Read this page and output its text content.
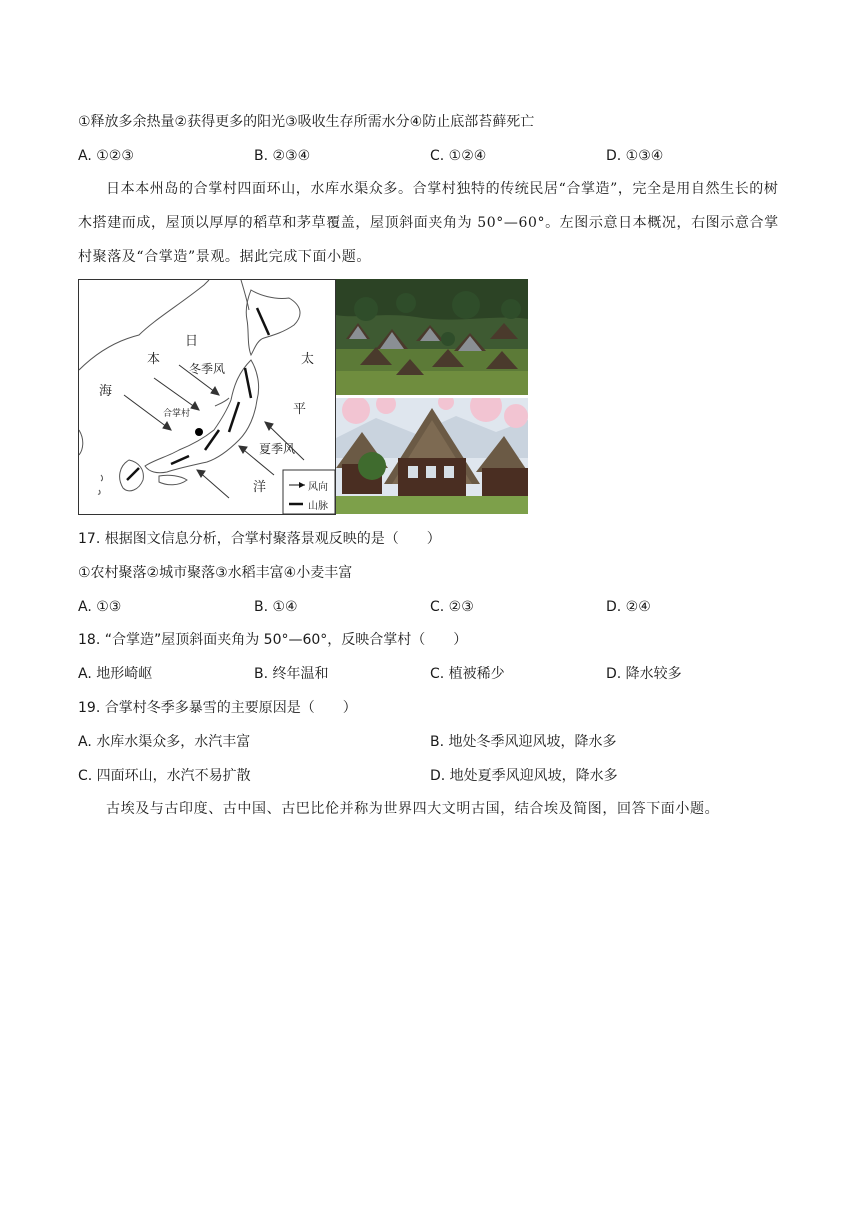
①释放多余热量②获得更多的阳光③吸收生存所需水分④防止底部苔藓死亡
A. ①②③	B. ②③④	C. ①②④	D. ①③④
日本本州岛的合掌村四面环山，水库水渠众多。合掌村独特的传统民居“合掌造”，完全是用自然生长的树木搭建而成，屋顶以厚厚的稻草和茅草覆盖，屋顶斜面夹角为 50°—60°。左图示意日本概况，右图示意合掌村聚落及“合掌造”景观。据此完成下面小题。
日
本
海
冬季风
合掌村
太
平
夏季风
洋	风向
山脉
17. 根据图文信息分析，合掌村聚落景观反映的是（　　）
①农村聚落②城市聚落③水稻丰富④小麦丰富
A. ①③	B. ①④	C. ②③	D. ②④
18. “合掌造”屋顶斜面夹角为 50°—60°，反映合掌村（　　）
A. 地形崎岖	B. 终年温和	C. 植被稀少	D. 降水较多
19. 合掌村冬季多暴雪的主要原因是（　　）
A. 水库水渠众多，水汽丰富	B. 地处冬季风迎风坡，降水多
C. 四面环山，水汽不易扩散	D. 地处夏季风迎风坡，降水多
古埃及与古印度、古中国、古巴比伦并称为世界四大文明古国，结合埃及简图，回答下面小题。
